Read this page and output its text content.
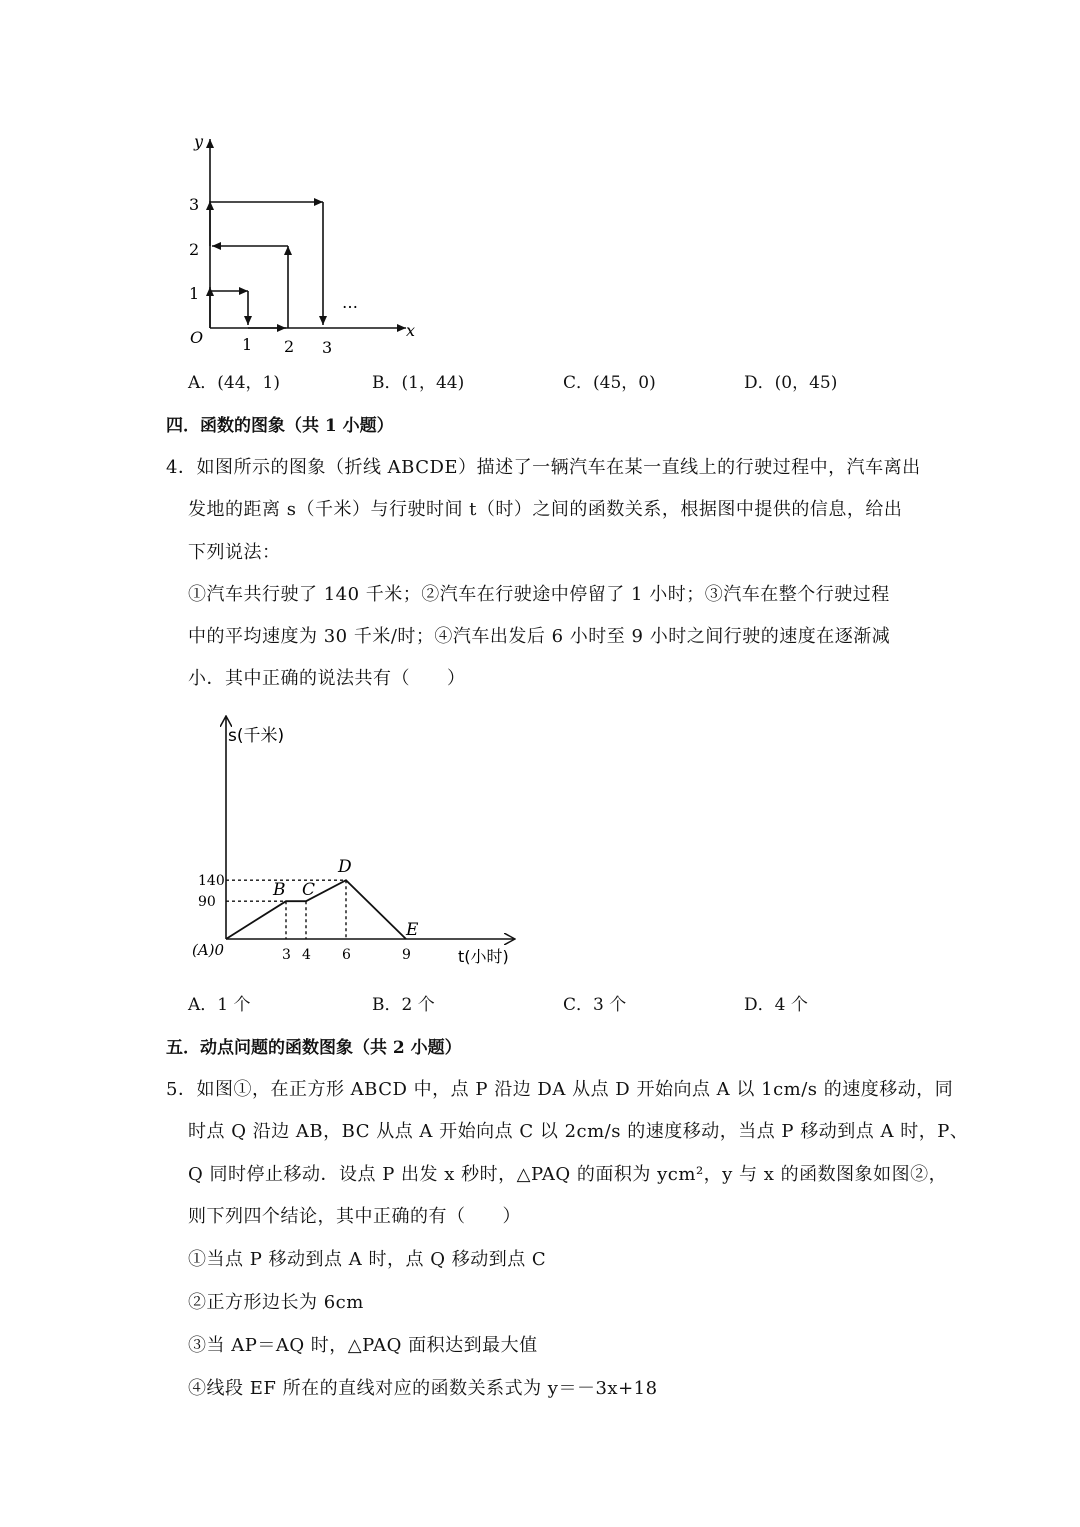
y
x
O
1
2
3
1 2 3
…
A．(44，1)	B．(1，44)	C．(45，0)	D．(0，45)
四．函数的图象（共 1 小题）
4．如图所示的图象（折线 ABCDE）描述了一辆汽车在某一直线上的行驶过程中，汽车离出
发地的距离 s（千米）与行驶时间 t（时）之间的函数关系，根据图中提供的信息，给出
下列说法：
①汽车共行驶了 140 千米；②汽车在行驶途中停留了 1 小时；③汽车在整个行驶过程
中的平均速度为 30 千米/时；④汽车出发后 6 小时至 9 小时之间行驶的速度在逐渐减
小．其中正确的说法共有（　　）
s(千米)
t(小时)
(A)0	3 4 6	9
90
140	B C
D
E
A．1 个	B．2 个	C．3 个	D．4 个
五．动点问题的函数图象（共 2 小题）
5．如图①，在正方形 ABCD 中，点 P 沿边 DA 从点 D 开始向点 A 以 1cm/s 的速度移动，同
时点 Q 沿边 AB，BC 从点 A 开始向点 C 以 2cm/s 的速度移动，当点 P 移动到点 A 时，P、
Q 同时停止移动．设点 P 出发 x 秒时，△PAQ 的面积为 ycm²，y 与 x 的函数图象如图②，
则下列四个结论，其中正确的有（　　）
①当点 P 移动到点 A 时，点 Q 移动到点 C
②正方形边长为 6cm
③当 AP＝AQ 时，△PAQ 面积达到最大值
④线段 EF 所在的直线对应的函数关系式为 y＝－3x+18
